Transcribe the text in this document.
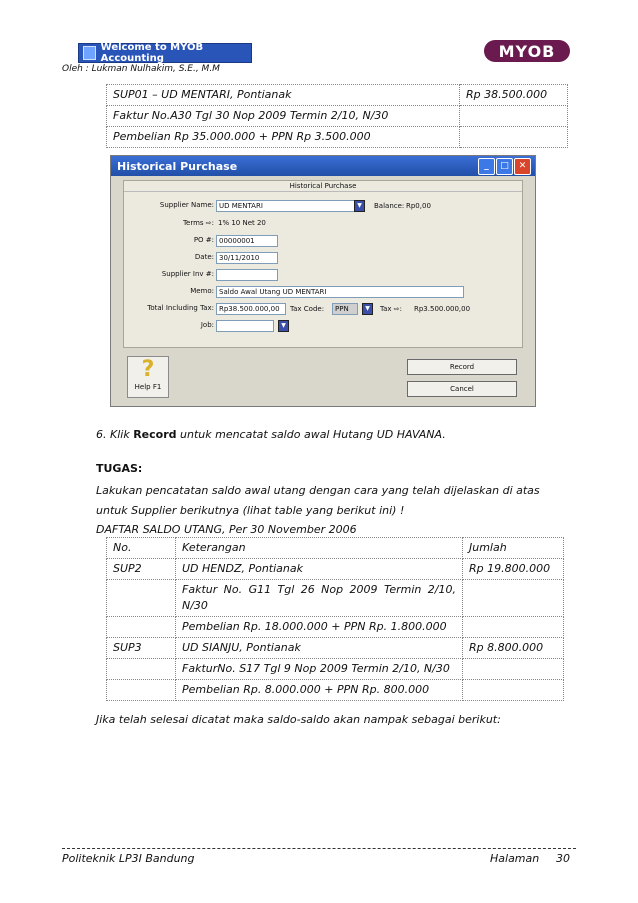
Welcome to MYOB Accounting
Oleh : Lukman Nulhakim, S.E., M.M
MYOB
SUP01 – UD MENTARI, Pontianak	Rp 38.500.000
Faktur No.A30 Tgl 30 Nop 2009 Termin 2/10, N/30	
Pembelian Rp 35.000.000 + PPN Rp 3.500.000	
Historical Purchase	_	□	✕
Historical Purchase
Supplier Name: UD MENTARI	▼	Balance: Rp0,00
Terms ⇨: 1% 10 Net 20
PO #: 00000001
Date: 30/11/2010
Supplier Inv #:
Memo: Saldo Awal Utang UD MENTARI
Total Including Tax: Rp38.500.000,00	Tax Code:	PPN	▼	Tax ⇨: Rp3.500.000,00
Job:	▼
?
Help F1
Record
Cancel
6. Klik Record untuk mencatat saldo awal Hutang UD HAVANA.
TUGAS:
Lakukan pencatatan saldo awal utang dengan cara yang telah dijelaskan di atas
untuk Supplier berikutnya (lihat table yang berikut ini) !
DAFTAR SALDO UTANG, Per 30 November 2006
No.	Keterangan	Jumlah
SUP2	UD HENDZ, Pontianak	Rp 19.800.000
	Faktur No. G11 Tgl 26 Nop 2009 Termin 2/10, N/30	
	Pembelian Rp. 18.000.000 + PPN Rp. 1.800.000	
SUP3	UD SIANJU, Pontianak	Rp 8.800.000
	FakturNo. S17 Tgl 9 Nop 2009 Termin 2/10, N/30	
	Pembelian Rp. 8.000.000 + PPN Rp. 800.000	
Jika telah selesai dicatat maka saldo-saldo akan nampak sebagai berikut:
Politeknik LP3I Bandung	Halaman 30
